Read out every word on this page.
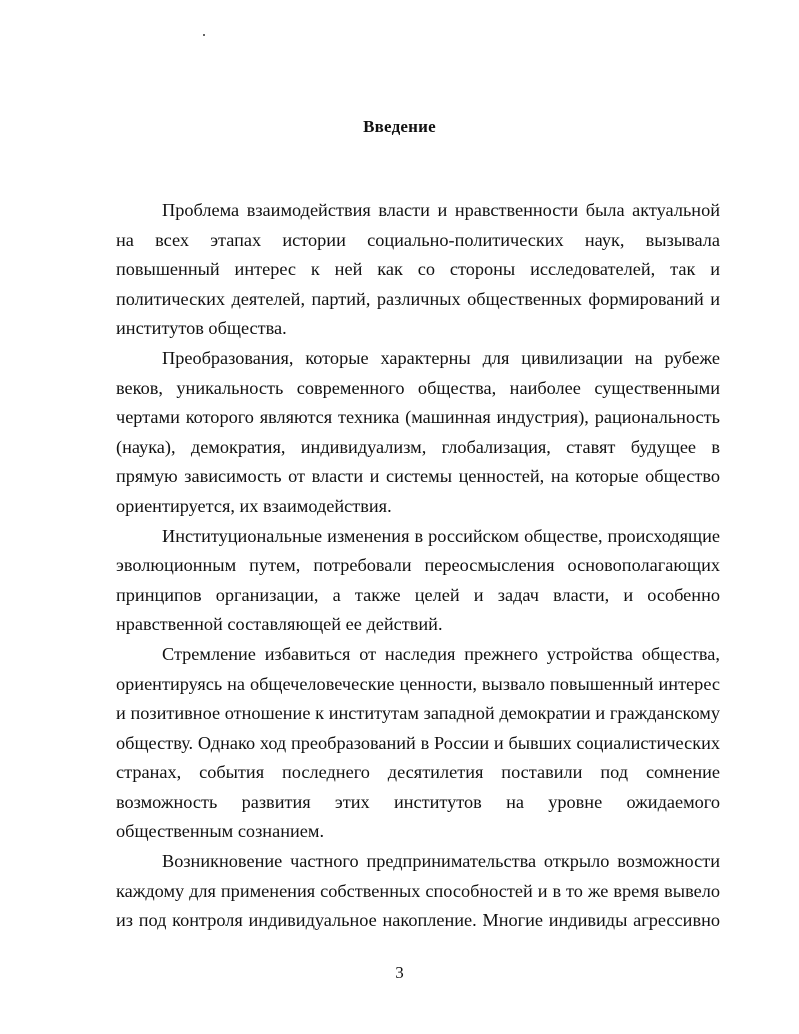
Введение

Проблема взаимодействия власти и нравственности была актуальной на всех этапах истории социально-политических наук, вызывала повышенный интерес к ней как со стороны исследователей, так и политических деятелей, партий, различных общественных формирований и институтов общества.

Преобразования, которые характерны для цивилизации на рубеже веков, уникальность современного общества, наиболее существенными чертами которого являются техника (машинная индустрия), рациональность (наука), демократия, индивидуализм, глобализация, ставят будущее в прямую зависимость от власти и системы ценностей, на которые общество ориентируется, их взаимодействия.

Институциональные изменения в российском обществе, происходящие эволюционным путем, потребовали переосмысления основополагающих принципов организации, а также целей и задач власти, и особенно нравственной составляющей ее действий.

Стремление избавиться от наследия прежнего устройства общества, ориентируясь на общечеловеческие ценности, вызвало повышенный интерес и позитивное отношение к институтам западной демократии и гражданскому обществу. Однако ход преобразований в России и бывших социалистических странах, события последнего десятилетия поставили под сомнение возможность развития этих институтов на уровне ожидаемого общественным сознанием.

Возникновение частного предпринимательства открыло возможности каждому для применения собственных способностей и в то же время вывело из под контроля индивидуальное накопление. Многие индивиды агрессивно

3
